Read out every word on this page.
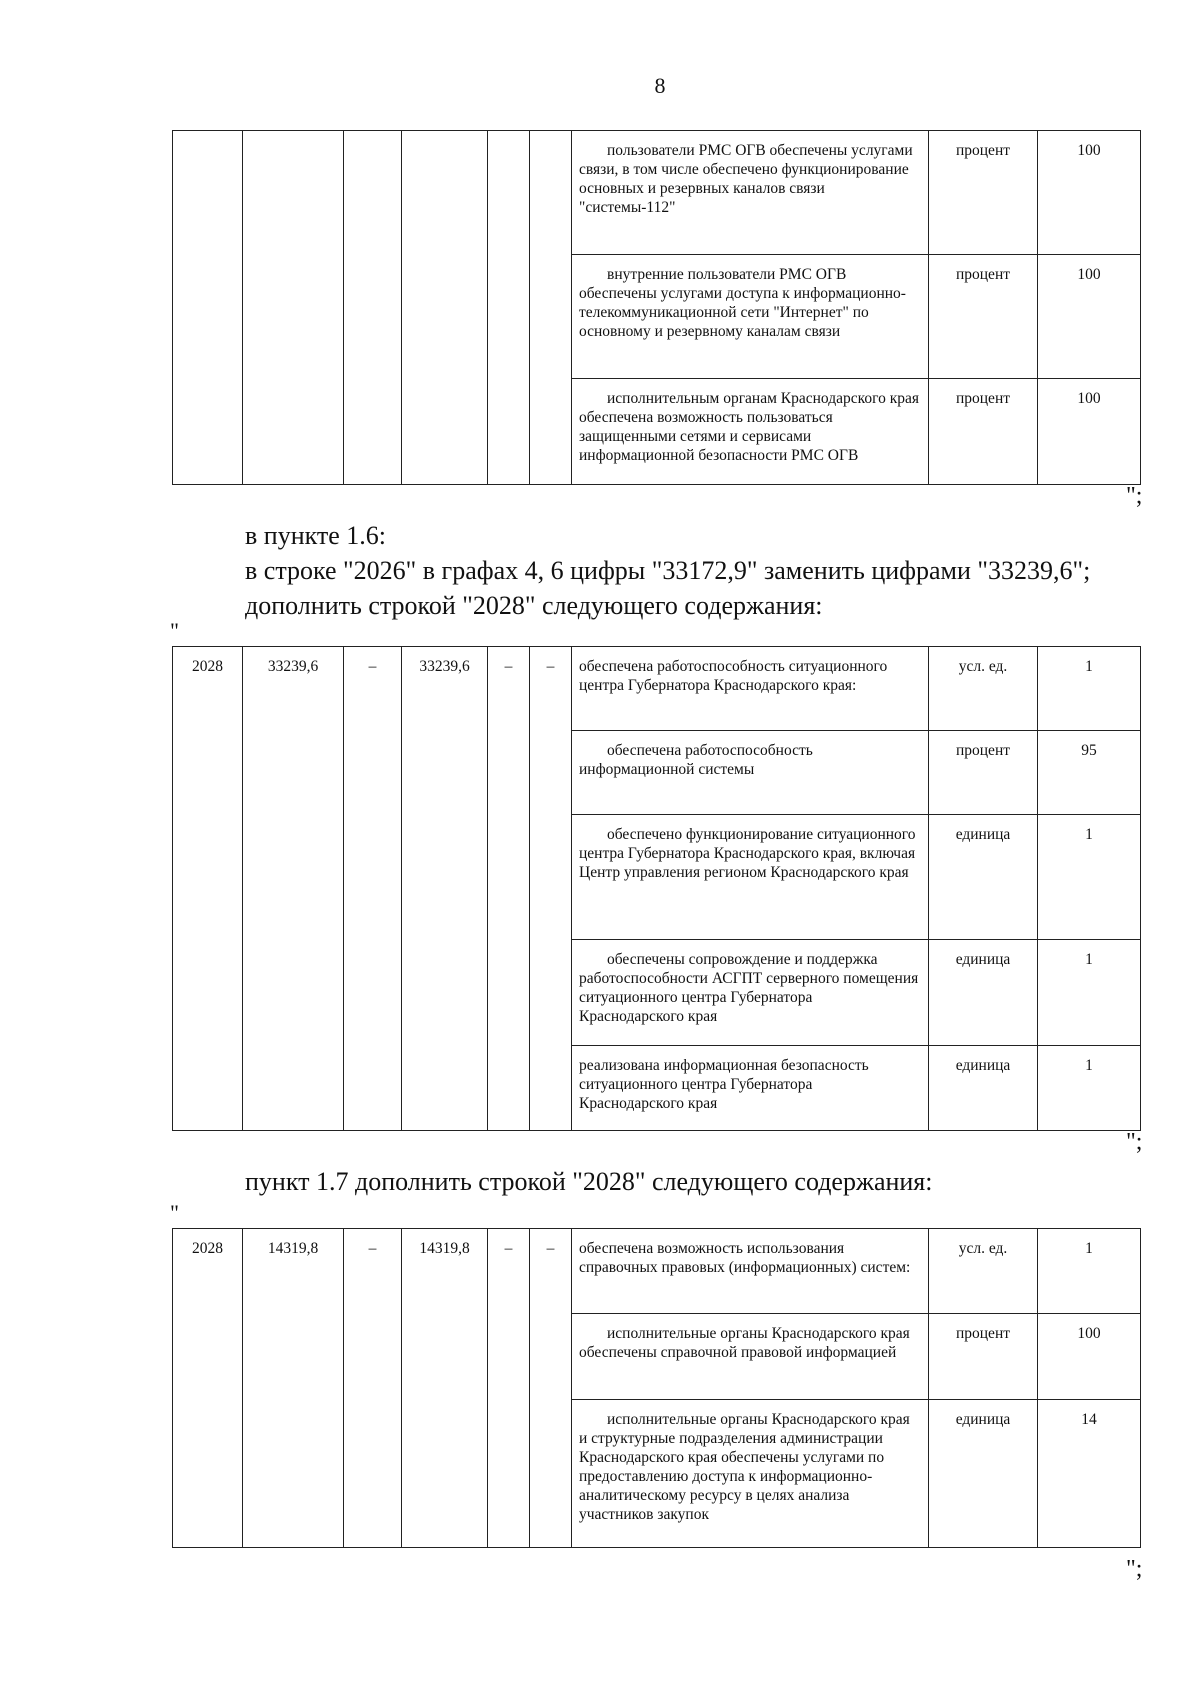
8

						пользователи РМС ОГВ обеспечены услугами связи, в том числе обеспечено функционирование основных и резервных каналов связи "системы-112"	процент	100

						внутренние пользователи РМС ОГВ обеспечены услугами доступа к информационно-телекоммуникационной сети "Интернет" по основному и резервному каналам связи	процент	100

						исполнительным органам Краснодарского края обеспечена возможность пользоваться защищенными сетями и сервисами информационной безопасности РМС ОГВ	процент	100
";
в пункте 1.6:
в строке "2026" в графах 4, 6 цифры "33172,9" заменить цифрами "33239,6";
дополнить строкой "2028" следующего содержания:
"
2028	33239,6	–	33239,6	–	–	обеспечена работоспособность ситуационного центра Губернатора Краснодарского края:	усл. ед.	1

						обеспечена работоспособность информационной системы	процент	95

						обеспечено функционирование ситуационного центра Губернатора Краснодарского края, включая Центр управления регионом Краснодарского края	единица	1

						обеспечены сопровождение и поддержка работоспособности АСГПТ серверного помещения ситуационного центра Губернатора Краснодарского края	единица	1

						реализована информационная безопасность ситуационного центра Губернатора Краснодарского края	единица	1
";
пункт 1.7 дополнить строкой "2028" следующего содержания:
"
2028	14319,8	–	14319,8	–	–	обеспечена возможность использования справочных правовых (информационных) систем:	усл. ед.	1

						исполнительные органы Краснодарского края обеспечены справочной правовой информацией	процент	100

						исполнительные органы Краснодарского края и структурные подразделения администрации Краснодарского края обеспечены услугами по предоставлению доступа к информационно-аналитическому ресурсу в целях анализа участников закупок	единица	14
";
